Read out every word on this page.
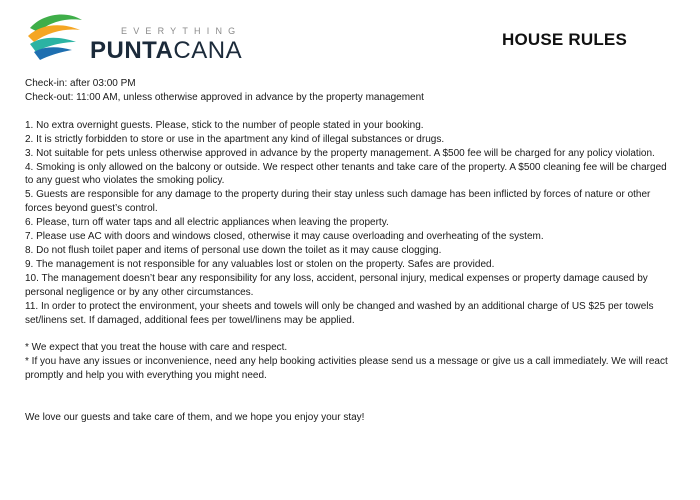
EVERYTHING
PUNTACANA	HOUSE RULES

Check-in: after 03:00 PM

Check-out: 11:00 AM, unless otherwise approved in advance by the property management

1. No extra overnight guests. Please, stick to the number of people stated in your booking.

2. It is strictly forbidden to store or use in the apartment any kind of illegal substances or drugs.

3. Not suitable for pets unless otherwise approved in advance by the property management. A $500 fee will be charged for any policy violation.

4. Smoking is only allowed on the balcony or outside. We respect other tenants and take care of the property. A $500 cleaning fee will be charged to any guest who violates the smoking policy.

5. Guests are responsible for any damage to the property during their stay unless such damage has been inflicted by forces of nature or other forces beyond guest’s control.

6. Please, turn off water taps and all electric appliances when leaving the property.

7. Please use AC with doors and windows closed, otherwise it may cause overloading and overheating of the system.

8. Do not flush toilet paper and items of personal use down the toilet as it may cause clogging.

9. The management is not responsible for any valuables lost or stolen on the property. Safes are provided.

10. The management doesn’t bear any responsibility for any loss, accident, personal injury, medical expenses or property damage caused by personal negligence or by any other circumstances.

11. In order to protect the environment, your sheets and towels will only be changed and washed by an additional charge of US $25 per towels set/linens set. If damaged, additional fees per towel/linens may be applied.

* We expect that you treat the house with care and respect.

* If you have any issues or inconvenience, need any help booking activities please send us a message or give us a call immediately. We will react promptly and help you with everything you might need.

We love our guests and take care of them, and we hope you enjoy your stay!
